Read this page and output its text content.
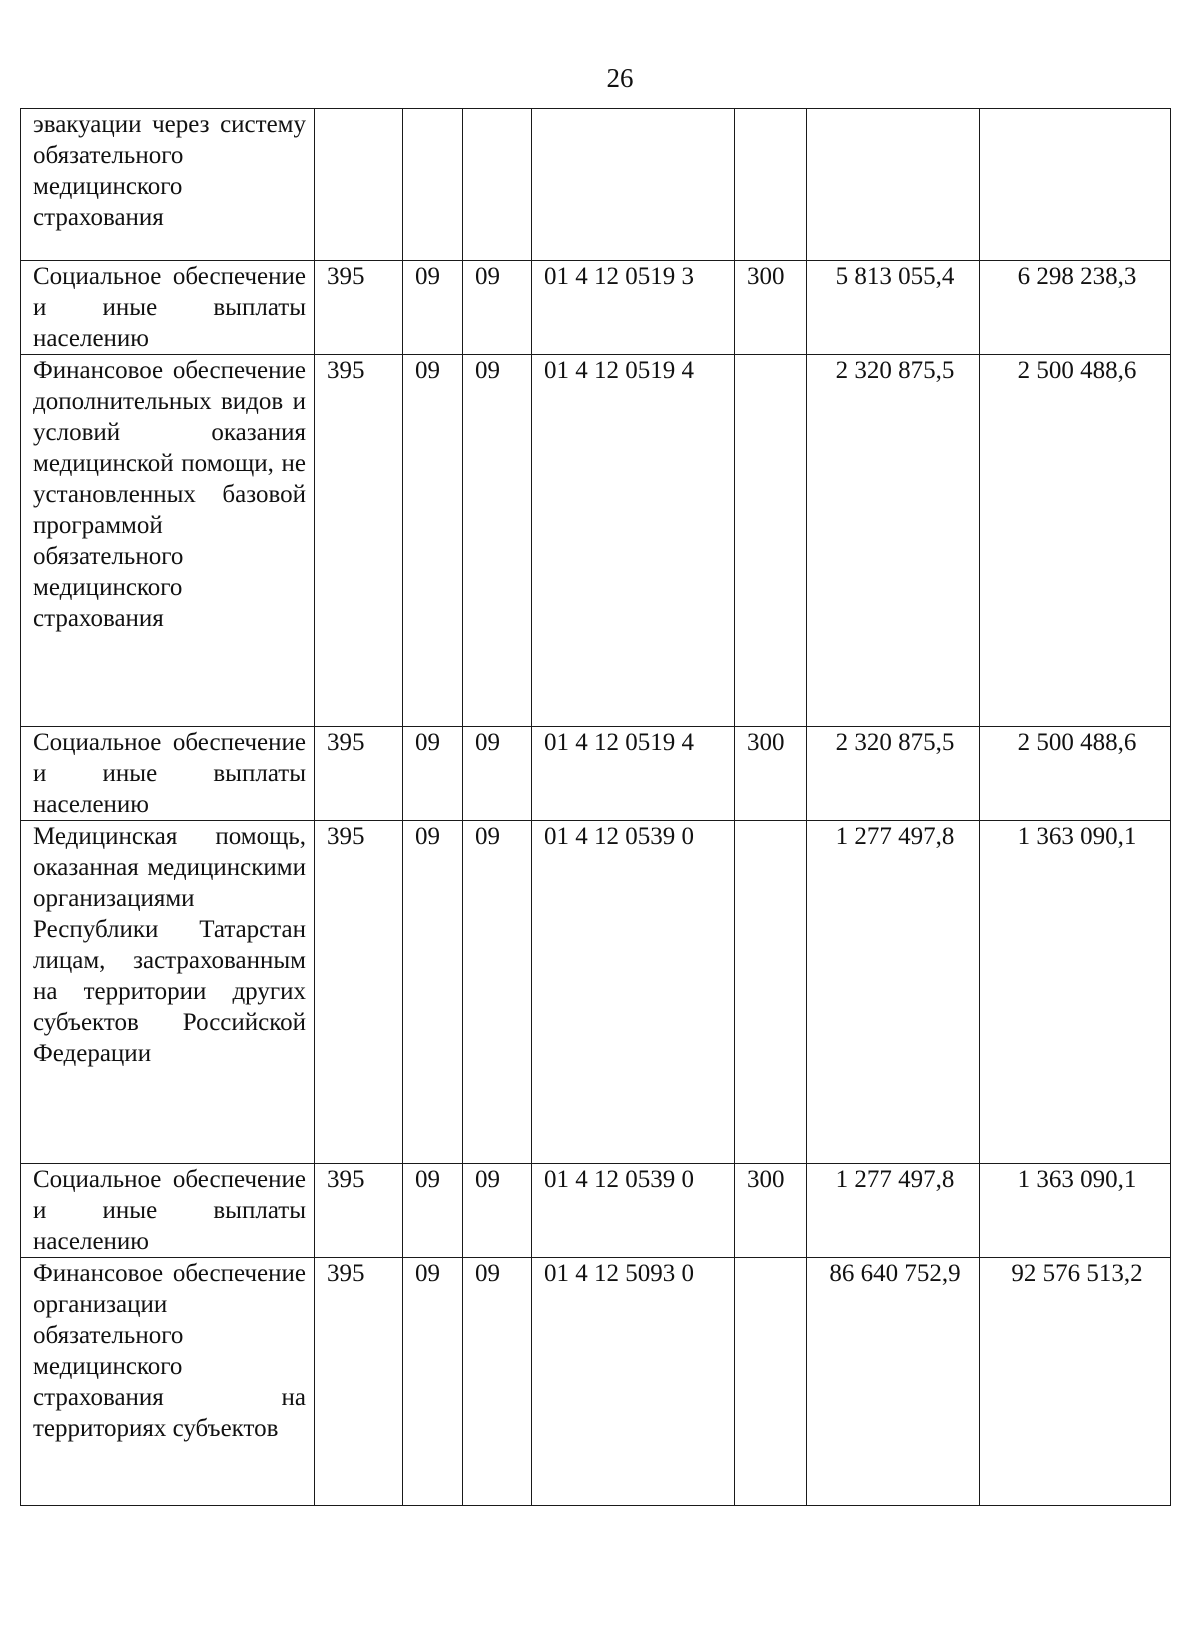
26
эвакуации через систему обязательного медицинского страхования							
Социальное обеспечение и иные выплаты населению	395	09	09	01 4 12 0519 3	300	5 813 055,4	6 298 238,3
Финансовое обеспечение дополнительных видов и условий оказания медицинской помощи, не установленных базовой программой обязательного медицинского страхования	395	09	09	01 4 12 0519 4		2 320 875,5	2 500 488,6
Социальное обеспечение и иные выплаты населению	395	09	09	01 4 12 0519 4	300	2 320 875,5	2 500 488,6
Медицинская помощь, оказанная медицинскими организациями Республики Татарстан лицам, застрахованным на территории других субъектов Российской Федерации	395	09	09	01 4 12 0539 0		1 277 497,8	1 363 090,1
Социальное обеспечение и иные выплаты населению	395	09	09	01 4 12 0539 0	300	1 277 497,8	1 363 090,1
Финансовое обеспечение организации обязательного медицинского страхования на территориях субъектов	395	09	09	01 4 12 5093 0		86 640 752,9	92 576 513,2
